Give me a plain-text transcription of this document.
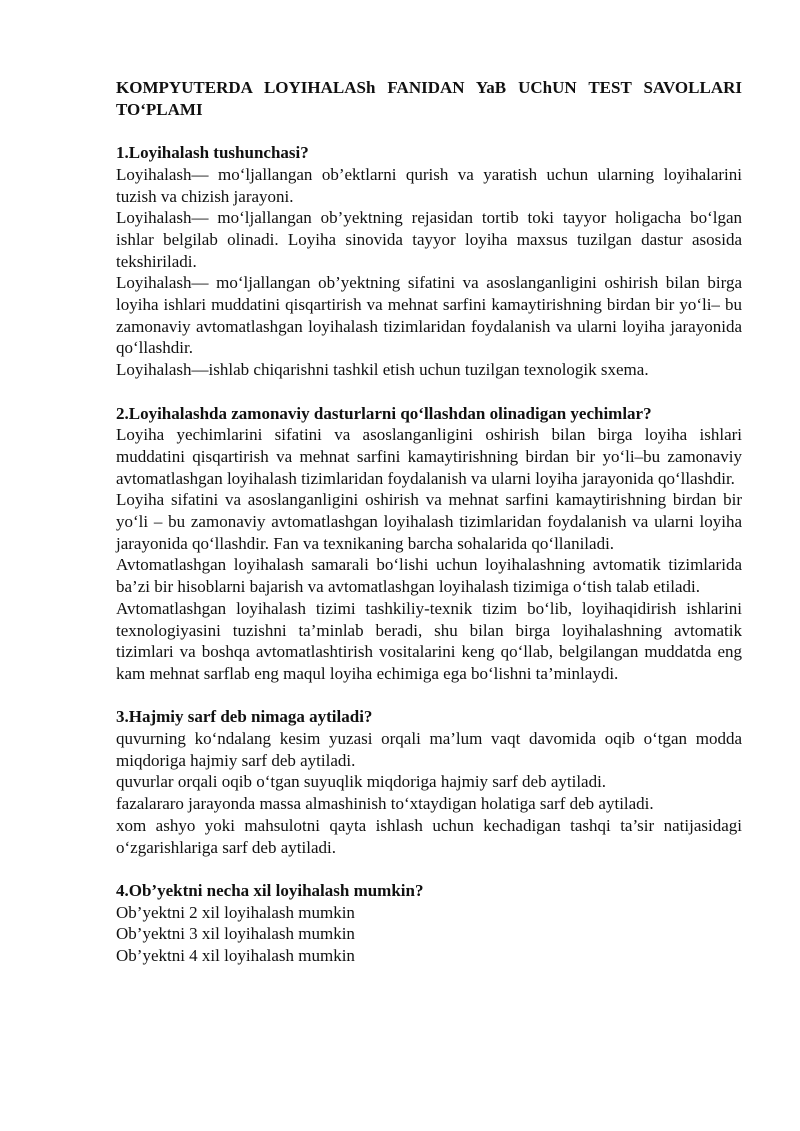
KOMPYUTERDA LOYIHALASh FANIDAN YaB UChUN TEST SAVOLLARI TO‘PLAMI

1.Loyihalash tushunchasi?

Loyihalash— mo‘ljallangan ob’ektlarni qurish va yaratish uchun ularning loyihalarini tuzish va chizish jarayoni.

Loyihalash— mo‘ljallangan ob’yektning rejasidan tortib toki tayyor holigacha bo‘lgan ishlar belgilab olinadi. Loyiha sinovida tayyor loyiha maxsus tuzilgan dastur asosida tekshiriladi.

Loyihalash— mo‘ljallangan ob’yektning sifatini va asoslanganligini oshirish bilan birga loyiha ishlari muddatini qisqartirish va mehnat sarfini kamaytirishning birdan bir yo‘li– bu zamonaviy avtomatlashgan loyihalash tizimlaridan foydalanish va ularni loyiha jarayonida qo‘llashdir.

Loyihalash—ishlab chiqarishni tashkil etish uchun tuzilgan texnologik sxema.

2.Loyihalashda zamonaviy dasturlarni qo‘llashdan olinadigan yechimlar?

Loyiha yechimlarini sifatini va asoslanganligini oshirish bilan birga loyiha ishlari muddatini qisqartirish va mehnat sarfini kamaytirishning birdan bir yo‘li–bu zamonaviy avtomatlashgan loyihalash tizimlaridan foydalanish va ularni loyiha jarayonida qo‘llashdir.

Loyiha sifatini va asoslanganligini oshirish va mehnat sarfini kamaytirishning birdan bir yo‘li – bu zamonaviy avtomatlashgan loyihalash tizimlaridan foydalanish va ularni loyiha jarayonida qo‘llashdir. Fan va texnikaning barcha sohalarida qo‘llaniladi.

Avtomatlashgan loyihalash samarali bo‘lishi uchun loyihalashning avtomatik tizimlarida ba’zi bir hisoblarni bajarish va avtomatlashgan loyihalash tizimiga o‘tish talab etiladi.

Avtomatlashgan loyihalash tizimi tashkiliy-texnik tizim bo‘lib, loyihaqidirish ishlarini texnologiyasini tuzishni ta’minlab beradi, shu bilan birga loyihalashning avtomatik tizimlari va boshqa avtomatlashtirish vositalarini keng qo‘llab, belgilangan muddatda eng kam mehnat sarflab eng maqul loyiha echimiga ega bo‘lishni ta’minlaydi.

3.Hajmiy sarf deb nimaga aytiladi?

quvurning ko‘ndalang kesim yuzasi orqali ma’lum vaqt davomida oqib o‘tgan modda miqdoriga hajmiy sarf deb aytiladi.

quvurlar orqali oqib o‘tgan suyuqlik miqdoriga hajmiy sarf deb aytiladi.

fazalararo jarayonda massa almashinish to‘xtaydigan holatiga sarf deb aytiladi.

xom ashyo yoki mahsulotni qayta ishlash uchun kechadigan tashqi ta’sir natijasidagi o‘zgarishlariga sarf deb aytiladi.

4.Ob’yektni necha xil loyihalash mumkin?

Ob’yektni 2 xil loyihalash mumkin

Ob’yektni 3 xil loyihalash mumkin

Ob’yektni 4 xil loyihalash mumkin
